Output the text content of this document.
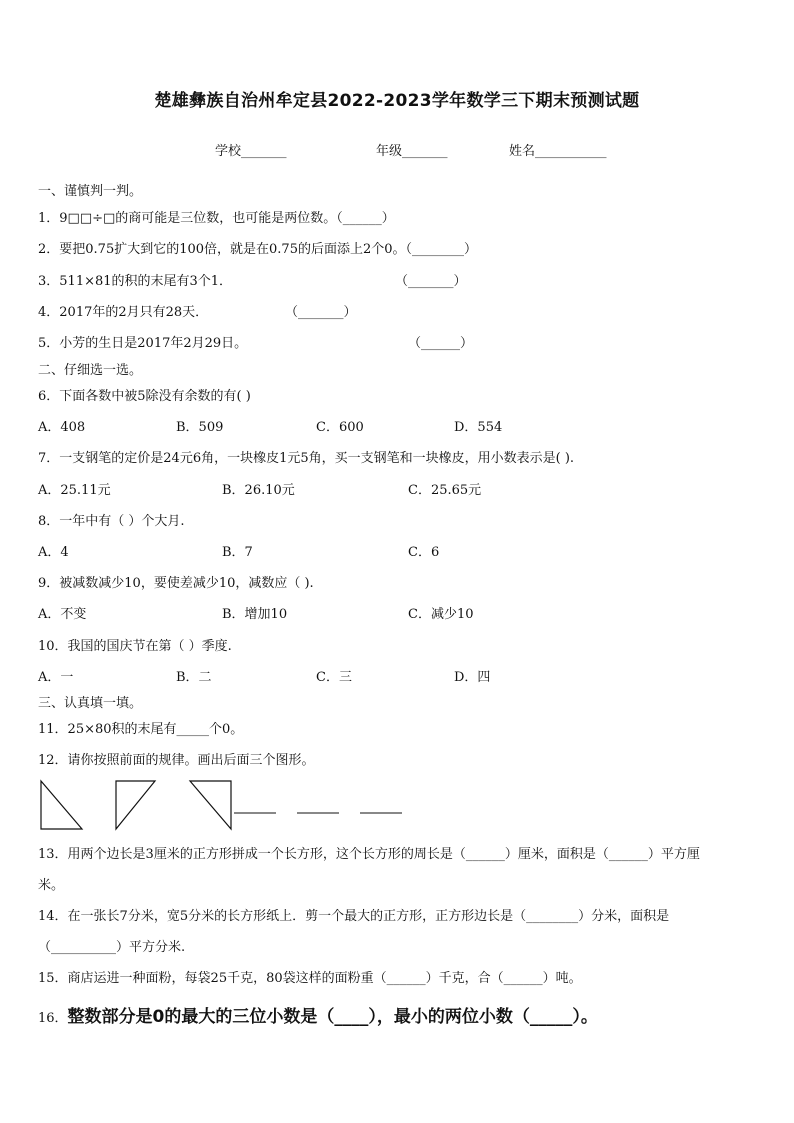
楚雄彝族自治州牟定县2022-2023学年数学三下期末预测试题
学校_______	年级_______	姓名___________
一、谨慎判一判。
1．9□□÷□的商可能是三位数，也可能是两位数。（______）
2．要把0.75扩大到它的100倍，就是在0.75的后面添上2个0。（________）
3．511×81的积的末尾有3个1．	（_______）
4．2017年的2月只有28天．	（_______）
5．小芳的生日是2017年2月29日。	（______）
二、仔细选一选。
6．下面各数中被5除没有余数的有( )
A．408	B．509	C．600	D．554
7．一支钢笔的定价是24元6角，一块橡皮1元5角，买一支钢笔和一块橡皮，用小数表示是( ).
A．25.11元	B．26.10元	C．25.65元
8．一年中有（ ）个大月.
A．4	B．7	C．6
9．被减数减少10，要使差减少10，减数应（ ).
A．不变	B．增加10	C．减少10
10．我国的国庆节在第（ ）季度.
A．一	B．二	C．三	D．四
三、认真填一填。
11．25×80积的末尾有_____个0。
12．请你按照前面的规律。画出后面三个图形。
13．用两个边长是3厘米的正方形拼成一个长方形，这个长方形的周长是（______）厘米，面积是（______）平方厘
米。
14．在一张长7分米，宽5分米的长方形纸上．剪一个最大的正方形，正方形边长是（________）分米，面积是
（__________）平方分米.
15．商店运进一种面粉，每袋25千克，80袋这样的面粉重（______）千克，合（______）吨。
16．整数部分是0的最大的三位小数是（____），最小的两位小数（_____）。
